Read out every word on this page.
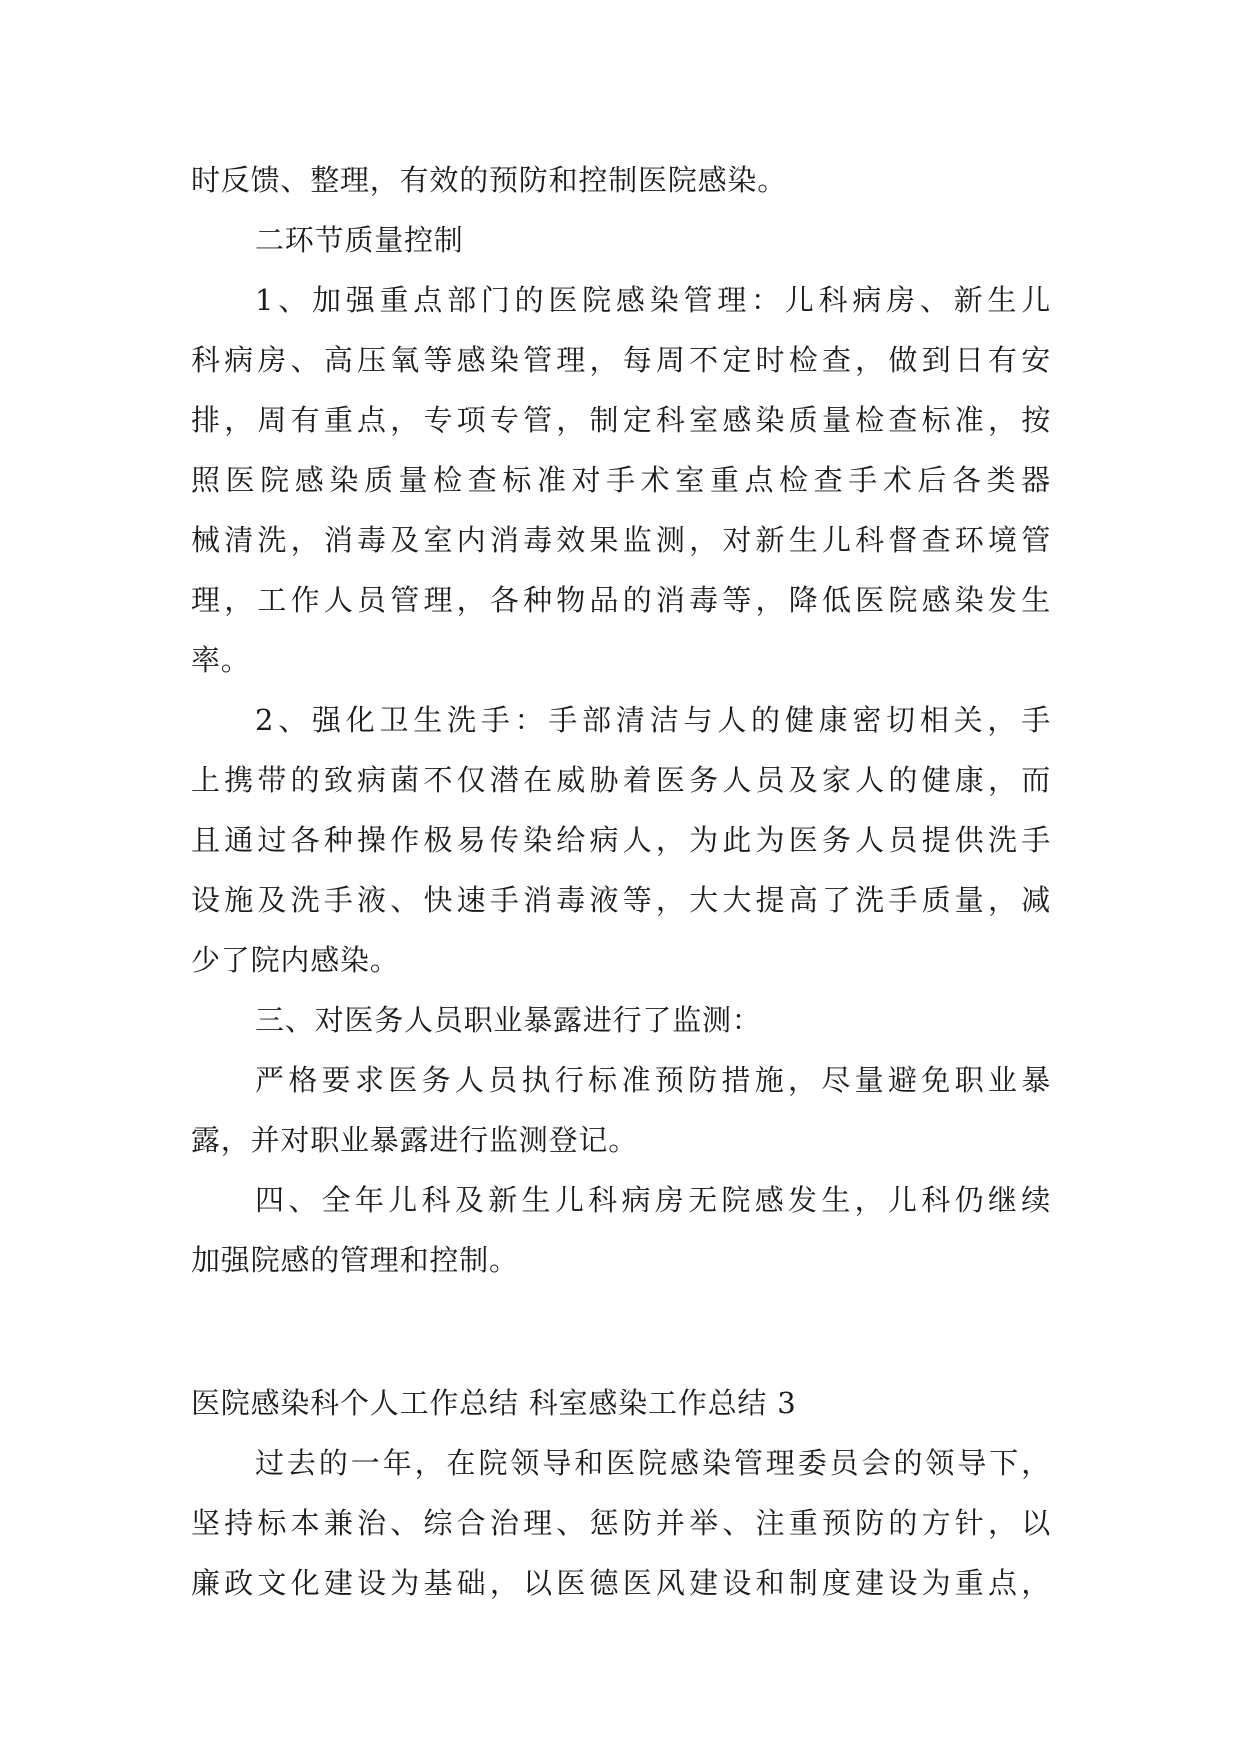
时反馈、整理，有效的预防和控制医院感染。
二环节质量控制
1、加强重点部门的医院感染管理：儿科病房、新生儿
科病房、高压氧等感染管理，每周不定时检查，做到日有安
排，周有重点，专项专管，制定科室感染质量检查标准，按
照医院感染质量检查标准对手术室重点检查手术后各类器
械清洗，消毒及室内消毒效果监测，对新生儿科督查环境管
理，工作人员管理，各种物品的消毒等，降低医院感染发生
率。
2、强化卫生洗手：手部清洁与人的健康密切相关，手
上携带的致病菌不仅潜在威胁着医务人员及家人的健康，而
且通过各种操作极易传染给病人，为此为医务人员提供洗手
设施及洗手液、快速手消毒液等，大大提高了洗手质量，减
少了院内感染。
三、对医务人员职业暴露进行了监测：
严格要求医务人员执行标准预防措施，尽量避免职业暴
露，并对职业暴露进行监测登记。
四、全年儿科及新生儿科病房无院感发生，儿科仍继续
加强院感的管理和控制。
医院感染科个人工作总结 科室感染工作总结 3
过去的一年，在院领导和医院感染管理委员会的领导下，
坚持标本兼治、综合治理、惩防并举、注重预防的方针，以
廉政文化建设为基础，以医德医风建设和制度建设为重点，
